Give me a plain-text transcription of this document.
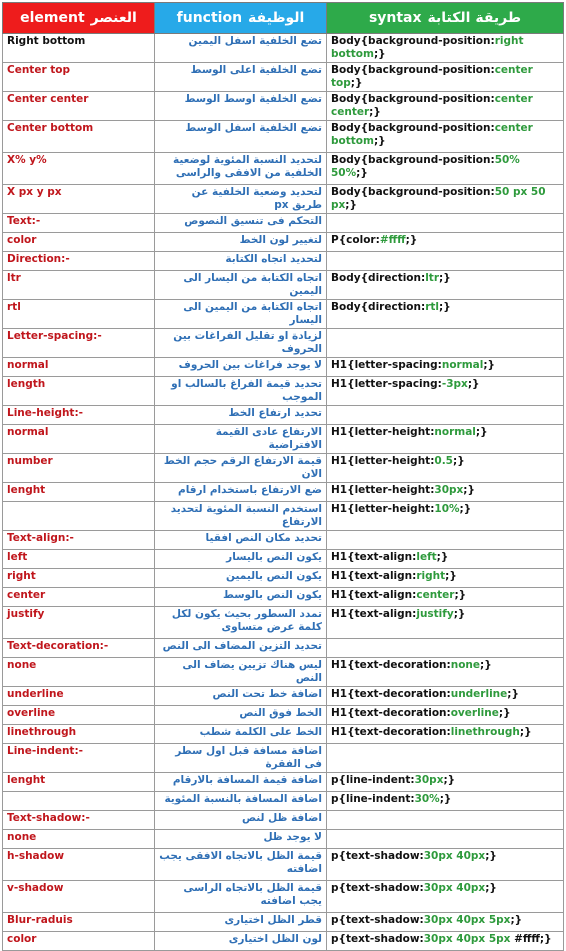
element العنصر	function الوظيفة	syntax طريقة الكتابة

Right bottom	تضع الخلفية اسفل اليمين	Body{background-position:right bottom;}
Center top	تضع الخلفية اعلى الوسط	Body{background-position:center top;}
Center center	تضع الخلفية اوسط الوسط	Body{background-position:center center;}
Center bottom	تضع الخلفية اسفل الوسط	Body{background-position:center bottom;}
X% y%	لتحديد النسبة المئوية لوضعية الخلفية من الافقى والراسى	Body{background-position:50% 50%;}
X px y px	لتحديد وضعية الخلفية عن طريق px	Body{background-position:50 px 50 px;}
Text:-	التحكم فى تنسيق النصوص	
color	لتغيير لون الخط	P{color:#ffff;}
Direction:-	لتحديد اتجاه الكتابة	
ltr	اتجاه الكتابة من اليسار الى اليمين	Body{direction:ltr;}
rtl	اتجاه الكتابة من اليمين الى اليسار	Body{direction:rtl;}
Letter-spacing:-	لزيادة او تقليل الفراغات بين الحروف	
normal	لا يوجد فراغات بين الحروف	H1{letter-spacing:normal;}
length	تحديد قيمة الفراغ بالسالب او الموجب	H1{letter-spacing:-3px;}
Line-height:-	تحديد ارتفاع الخط	
normal	الارتفاع عادى القيمة الافتراضية	H1{letter-height:normal;}
number	قيمة الارتفاع الرقم حجم الخط الان	H1{letter-height:0.5;}
lenght	ضع الارتفاع باستخدام ارقام	H1{letter-height:30px;}
	استخدم النسبة المئوية لتحديد الارتفاع	H1{letter-height:10%;}
Text-align:-	تحديد مكان النص افقيا	
left	يكون النص باليسار	H1{text-align:left;}
right	يكون النص باليمين	H1{text-align:right;}
center	يكون النص بالوسط	H1{text-align:center;}
justify	تمدد السطور بحيث يكون لكل كلمة عرض متساوى	H1{text-align:justify;}
Text-decoration:-	تحديد التزين المضاف الى النص	
none	ليس هناك تزيين يضاف الى النص	H1{text-decoration:none;}
underline	اضافة خط تحت النص	H1{text-decoration:underline;}
overline	الخط فوق النص	H1{text-decoration:overline;}
linethrough	الخط على الكلمة شطب	H1{text-decoration:linethrough;}
Line-indent:-	اضافة مسافة قبل اول سطر فى الفقرة	
lenght	اضافة قيمة المسافة بالارقام	p{line-indent:30px;}
	اضافة المسافة بالنسبة المئوية	p{line-indent:30%;}
Text-shadow:-	اضافة ظل لنص	
none	لا يوجد ظل	
h-shadow	قيمة الظل بالاتجاه الافقى يجب اضافته	p{text-shadow:30px 40px;}
v-shadow	قيمة الظل بالاتجاه الراسى يجب اضافته	p{text-shadow:30px 40px;}
Blur-raduis	قطر الظل اختيارى	p{text-shadow:30px 40px 5px;}
color	لون الظل اختيارى	p{text-shadow:30px 40px 5px #ffff;}
